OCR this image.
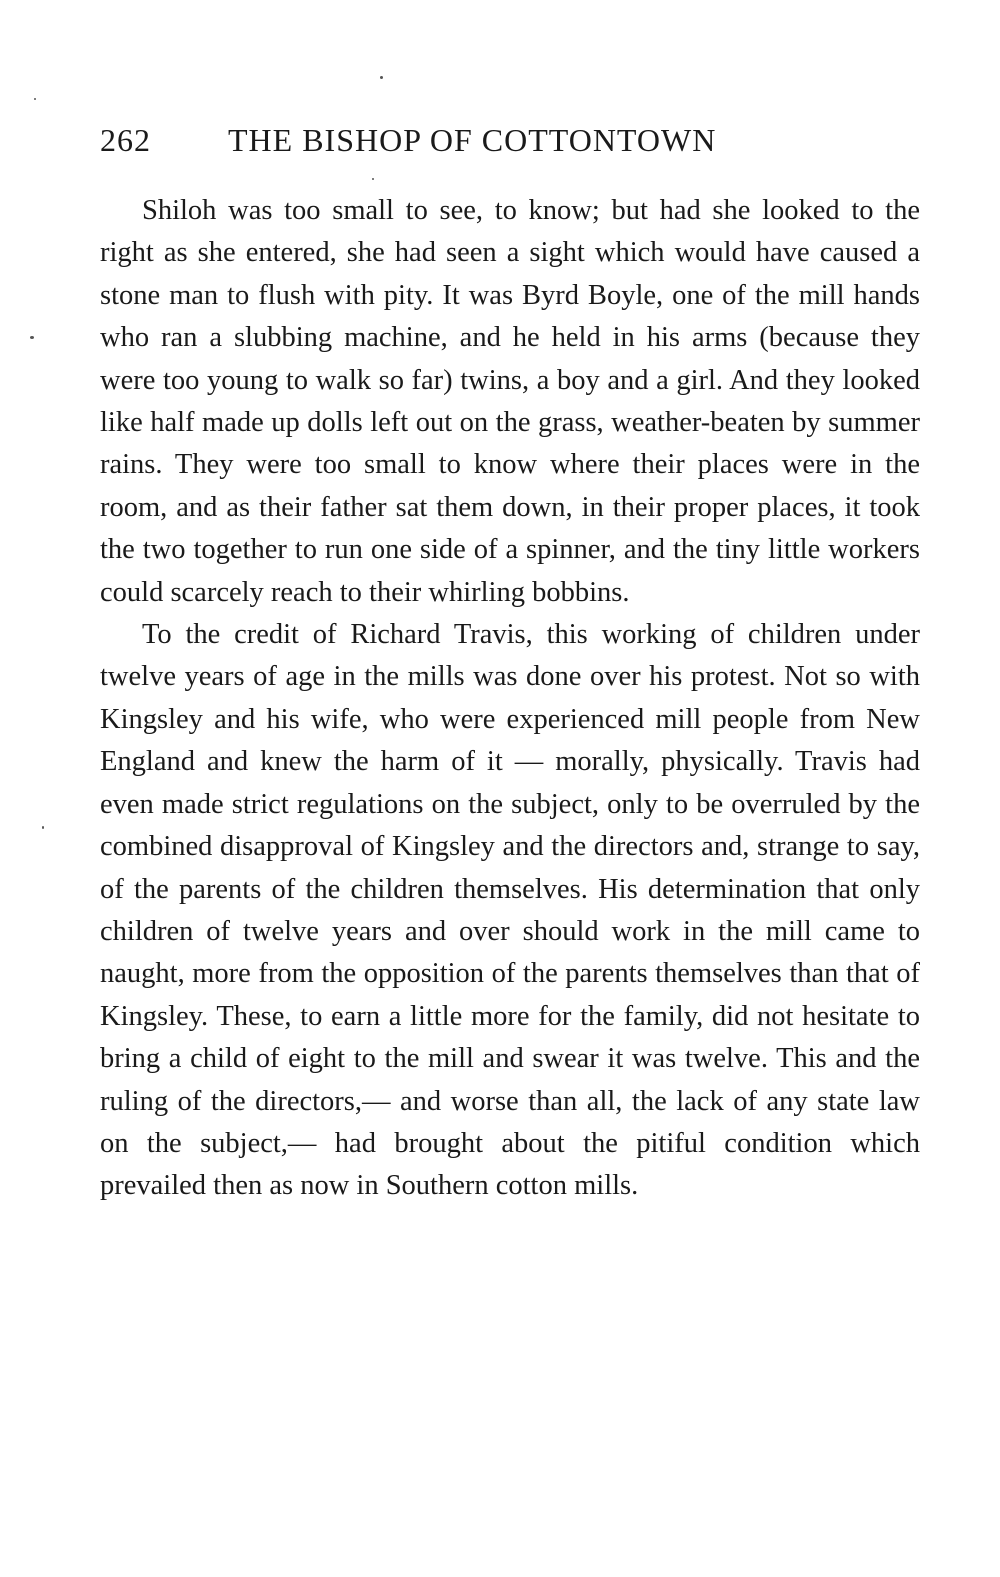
262 THE BISHOP OF COTTONTOWN

Shiloh was too small to see, to know; but had she looked to the right as she entered, she had seen a sight which would have caused a stone man to flush with pity. It was Byrd Boyle, one of the mill hands who ran a slubbing machine, and he held in his arms (because they were too young to walk so far) twins, a boy and a girl. And they looked like half made up dolls left out on the grass, weather-beaten by summer rains. They were too small to know where their places were in the room, and as their father sat them down, in their proper places, it took the two together to run one side of a spinner, and the tiny little workers could scarcely reach to their whirling bobbins.

To the credit of Richard Travis, this working of children under twelve years of age in the mills was done over his protest. Not so with Kingsley and his wife, who were experienced mill people from New England and knew the harm of it — morally, physically. Travis had even made strict regulations on the subject, only to be overruled by the combined disapproval of Kingsley and the directors and, strange to say, of the parents of the children themselves. His determination that only children of twelve years and over should work in the mill came to naught, more from the opposition of the parents themselves than that of Kingsley. These, to earn a little more for the family, did not hesitate to bring a child of eight to the mill and swear it was twelve. This and the ruling of the directors,— and worse than all, the lack of any state law on the subject,— had brought about the pitiful condition which prevailed then as now in Southern cotton mills.
